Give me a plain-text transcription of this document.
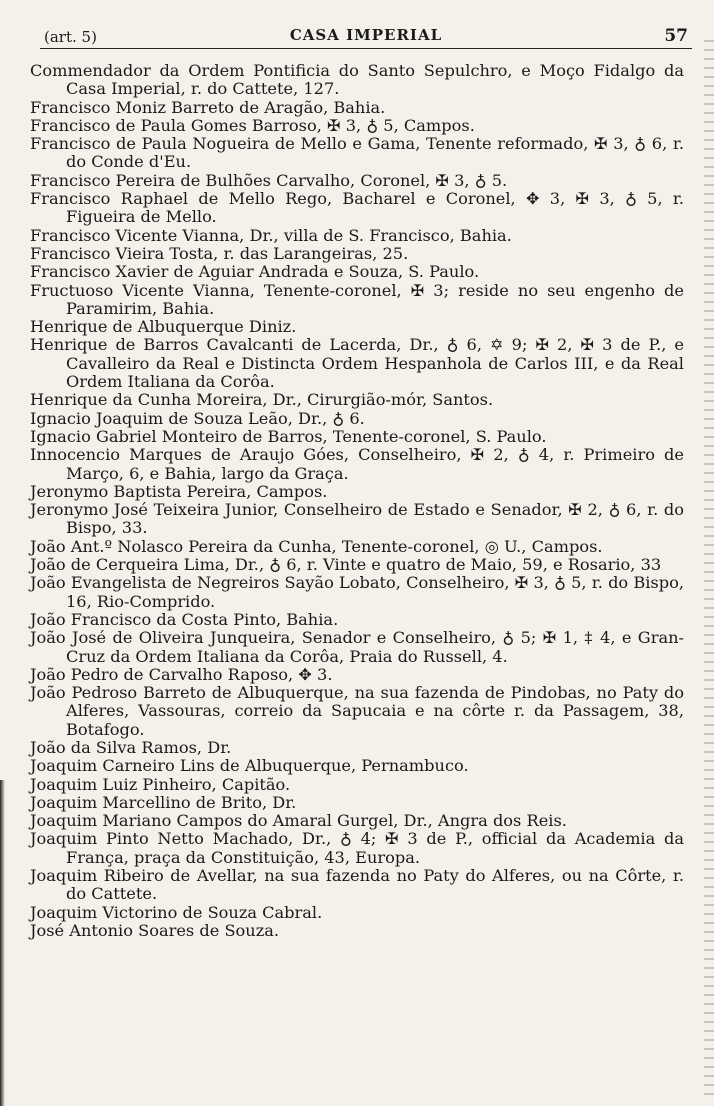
(art. 5)	CASA IMPERIAL	57
Commendador da Ordem Pontificia do Santo Sepulchro, e Moço Fidalgo da Casa Imperial, r. do Cattete, 127.
Francisco Moniz Barreto de Aragão, Bahia.
Francisco de Paula Gomes Barroso, ✠ 3, ♁ 5, Campos.
Francisco de Paula Nogueira de Mello e Gama, Tenente reformado, ✠ 3, ♁ 6, r. do Conde d'Eu.
Francisco Pereira de Bulhões Carvalho, Coronel, ✠ 3, ♁ 5.
Francisco Raphael de Mello Rego, Bacharel e Coronel, ✥ 3, ✠ 3, ♁ 5, r. Figueira de Mello.
Francisco Vicente Vianna, Dr., villa de S. Francisco, Bahia.
Francisco Vieira Tosta, r. das Larangeiras, 25.
Francisco Xavier de Aguiar Andrada e Souza, S. Paulo.
Fructuoso Vicente Vianna, Tenente-coronel, ✠ 3; reside no seu engenho de Paramirim, Bahia.
Henrique de Albuquerque Diniz.
Henrique de Barros Cavalcanti de Lacerda, Dr., ♁ 6, ✡ 9; ✠ 2, ✠ 3 de P., e Cavalleiro da Real e Distincta Ordem Hespanhola de Carlos III, e da Real Ordem Italiana da Corôa.
Henrique da Cunha Moreira, Dr., Cirurgião-mór, Santos.
Ignacio Joaquim de Souza Leão, Dr., ♁ 6.
Ignacio Gabriel Monteiro de Barros, Tenente-coronel, S. Paulo.
Innocencio Marques de Araujo Góes, Conselheiro, ✠ 2, ♁ 4, r. Primeiro de Março, 6, e Bahia, largo da Graça.
Jeronymo Baptista Pereira, Campos.
Jeronymo José Teixeira Junior, Conselheiro de Estado e Senador, ✠ 2, ♁ 6, r. do Bispo, 33.
João Ant.º Nolasco Pereira da Cunha, Tenente-coronel, ◎ U., Campos.
João de Cerqueira Lima, Dr., ♁ 6, r. Vinte e quatro de Maio, 59, e Rosario, 33
João Evangelista de Negreiros Sayão Lobato, Conselheiro, ✠ 3, ♁ 5, r. do Bispo, 16, Rio-Comprido.
João Francisco da Costa Pinto, Bahia.
João José de Oliveira Junqueira, Senador e Conselheiro, ♁ 5; ✠ 1, ‡ 4, e Gran-Cruz da Ordem Italiana da Corôa, Praia do Russell, 4.
João Pedro de Carvalho Raposo, ✥ 3.
João Pedroso Barreto de Albuquerque, na sua fazenda de Pindobas, no Paty do Alferes, Vassouras, correio da Sapucaia e na côrte r. da Passagem, 38, Botafogo.
João da Silva Ramos, Dr.
Joaquim Carneiro Lins de Albuquerque, Pernambuco.
Joaquim Luiz Pinheiro, Capitão.
Joaquim Marcellino de Brito, Dr.
Joaquim Mariano Campos do Amaral Gurgel, Dr., Angra dos Reis.
Joaquim Pinto Netto Machado, Dr., ♁ 4; ✠ 3 de P., official da Academia da França, praça da Constituição, 43, Europa.
Joaquim Ribeiro de Avellar, na sua fazenda no Paty do Alferes, ou na Côrte, r. do Cattete.
Joaquim Victorino de Souza Cabral.
José Antonio Soares de Souza.
